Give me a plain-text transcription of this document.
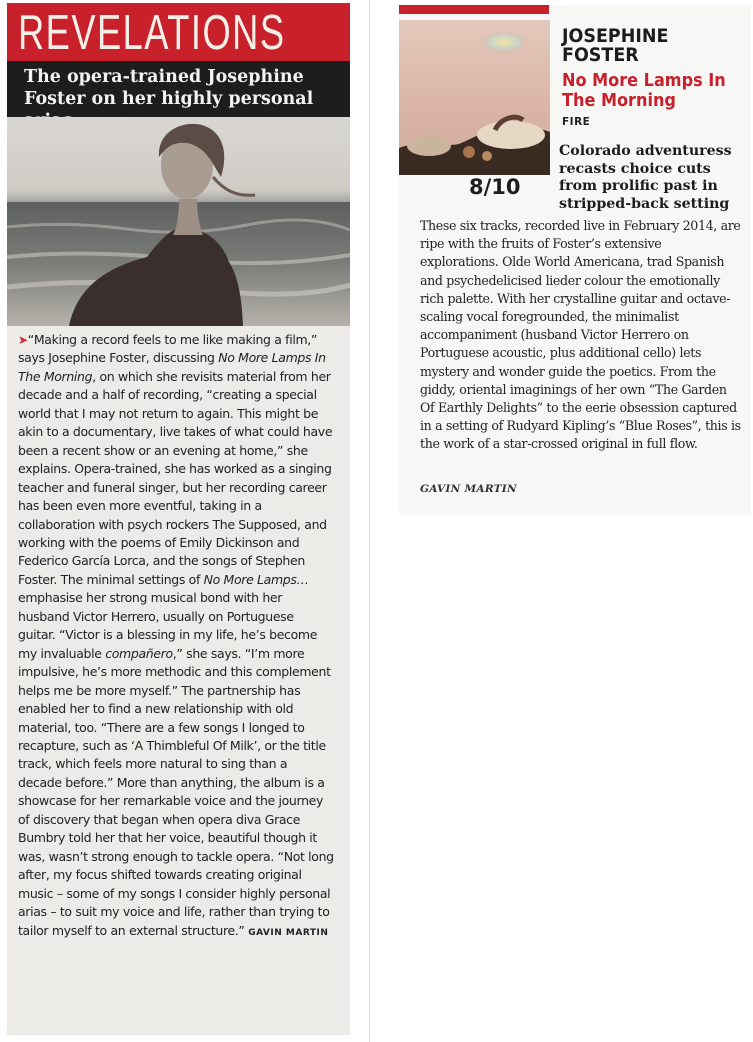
REVELATIONS
The opera-trained Josephine Foster on her highly personal

➤“Making a record feels to me like making a film,” says Josephine Foster, discussing No More Lamps In The Morning, on which she revisits material from her decade and a half of recording, “creating a special world that I may not return to again. This might be akin to a documentary, live takes of what could have been a recent show or an evening at home,” she explains. Opera-trained, she has worked as a singing teacher and funeral singer, but her recording career has been even more eventful, taking in a collaboration with psych rockers The Supposed, and working with the poems of Emily Dickinson and Federico García Lorca, and the songs of Stephen Foster. The minimal settings of No More Lamps… emphasise her strong musical bond with her husband Victor Herrero, usually on Portuguese guitar. “Victor is a blessing in my life, he’s become my invaluable compañero,” she says. “I’m more impulsive, he’s more methodic and this complement helps me be more myself.” The partnership has enabled her to find a new relationship with old material, too. “There are a few songs I longed to recapture, such as ‘A Thimbleful Of Milk’, or the title track, which feels more natural to sing than a decade before.” More than anything, the album is a showcase for her remarkable voice and the journey of discovery that began when opera diva Grace Bumbry told her that her voice, beautiful though it was, wasn’t strong enough to tackle opera. “Not long after, my focus shifted towards creating original music – some of my songs I consider highly personal arias – to suit my voice and life, rather than trying to tailor myself to an external structure.” GAVIN MARTIN

JOSEPHINE FOSTER
No More Lamps In The Morning
FIRE
8/10
Colorado adventuress recasts choice cuts from prolific past in stripped-back setting

These six tracks, recorded live in February 2014, are ripe with the fruits of Foster’s extensive explorations. Olde World Americana, trad Spanish and psychedelicised lieder colour the emotionally rich palette. With her crystalline guitar and octave-scaling vocal foregrounded, the minimalist accompaniment (husband Victor Herrero on Portuguese acoustic, plus additional cello) lets mystery and wonder guide the poetics. From the giddy, oriental imaginings of her own “The Garden Of Earthly Delights” to the eerie obsession captured in a setting of Rudyard Kipling’s “Blue Roses”, this is the work of a star-crossed original in full flow.

GAVIN MARTIN
